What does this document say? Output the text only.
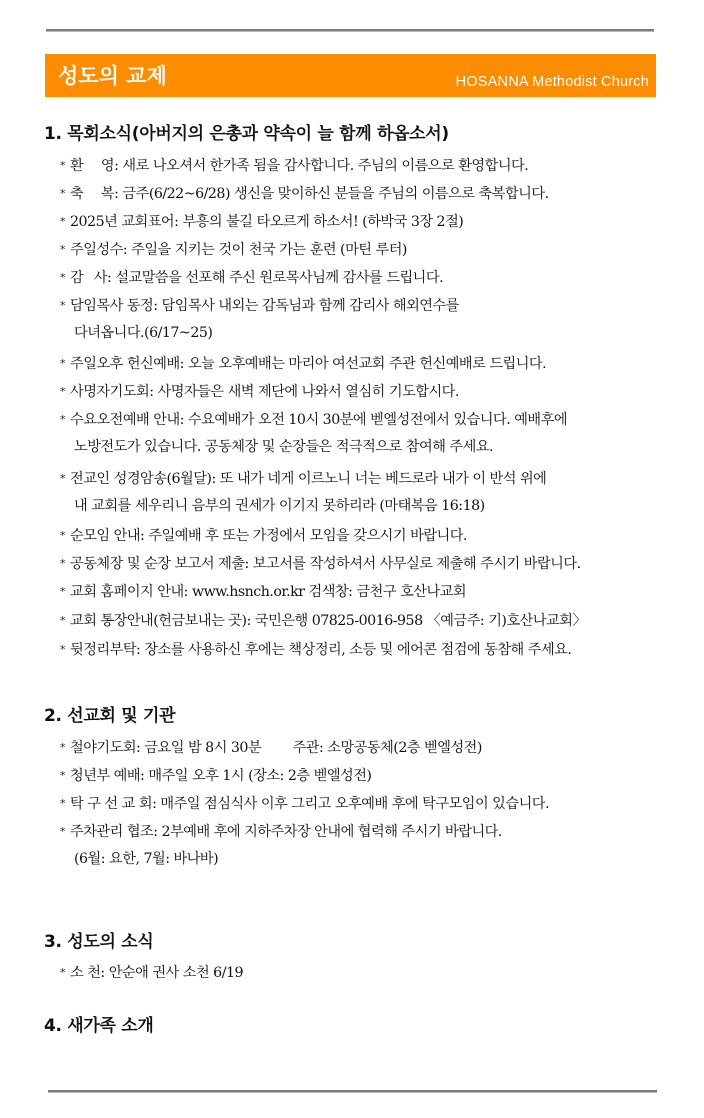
성도의 교제	HOSANNA Methodist Church
1. 목회소식(아버지의 은총과 약속이 늘 함께 하옵소서)
* 환　 영: 새로 나오셔서 한가족 됨을 감사합니다. 주님의 이름으로 환영합니다.
* 축　 복: 금주(6/22~6/28) 생신을 맞이하신 분들을 주님의 이름으로 축복합니다.
* 2025년 교회표어: 부흥의 불길 타오르게 하소서! (하박국 3장 2절)
* 주일성수: 주일을 지키는 것이 천국 가는 훈련 (마틴 루터)
* 감  사: 설교말씀을 선포해 주신 원로목사님께 감사를 드립니다.
* 담임목사 동정: 담임목사 내외는 감독님과 함께 감리사 해외연수를
다녀옵니다.(6/17~25)
* 주일오후 헌신예배: 오늘 오후예배는 마리아 여선교회 주관 헌신예배로 드립니다.
* 사명자기도회: 사명자들은 새벽 제단에 나와서 열심히 기도합시다.
* 수요오전예배 안내: 수요예배가 오전 10시 30분에 벧엘성전에서 있습니다. 예배후에
노방전도가 있습니다. 공동체장 및 순장들은 적극적으로 참여해 주세요.
* 전교인 성경암송(6월달): 또 내가 네게 이르노니 너는 베드로라 내가 이 반석 위에
내 교회를 세우리니 음부의 권세가 이기지 못하리라 (마태복음 16:18)
* 순모임 안내: 주일예배 후 또는 가정에서 모임을 갖으시기 바랍니다.
* 공동체장 및 순장 보고서 제출: 보고서를 작성하셔서 사무실로 제출해 주시기 바랍니다.
* 교회 홈페이지 안내: www.hsnch.or.kr 검색창: 금천구 호산나교회
* 교회 통장안내(헌금보내는 곳): 국민은행 07825-0016-958 〈예금주: 기)호산나교회〉
* 뒷정리부탁: 장소를 사용하신 후에는 책상정리, 소등 및 에어콘 점검에 동참해 주세요.
2. 선교회 및 기관
* 철야기도회: 금요일 밤 8시 30분　　 주관: 소망공동체(2층 벧엘성전)
* 청년부 예배: 매주일 오후 1시 (장소: 2층 벧엘성전)
* 탁 구 선 교 회: 매주일 점심식사 이후 그리고 오후예배 후에 탁구모임이 있습니다.
* 주차관리 협조: 2부예배 후에 지하주차장 안내에 협력해 주시기 바랍니다.
(6월: 요한, 7월: 바나바)
3. 성도의 소식
* 소 천: 안순애 권사 소천 6/19
4. 새가족 소개
